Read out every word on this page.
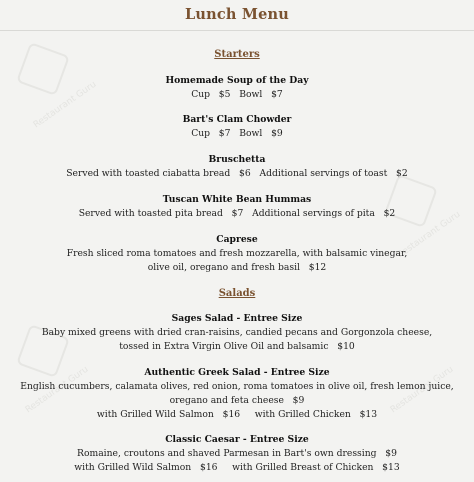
Restaurant Guru
Restaurant Guru
Restaurant Guru	Restaurant Guru
Lunch Menu
Starters
Homemade Soup of the Day
Cup   $5   Bowl   $7
Bart's Clam Chowder
Cup   $7   Bowl   $9
Bruschetta
Served with toasted ciabatta bread   $6   Additional servings of toast   $2
Tuscan White Bean Hummas
Served with toasted pita bread   $7   Additional servings of pita   $2
Caprese
Fresh sliced roma tomatoes and fresh mozzarella, with balsamic vinegar,
olive oil, oregano and fresh basil   $12
Salads
Sages Salad - Entree Size
Baby mixed greens with dried cran-raisins, candied pecans and Gorgonzola cheese,
tossed in Extra Virgin Olive Oil and balsamic   $10
Authentic Greek Salad - Entree Size
English cucumbers, calamata olives, red onion, roma tomatoes in olive oil, fresh lemon juice,
oregano and feta cheese   $9
with Grilled Wild Salmon   $16     with Grilled Chicken   $13
Classic Caesar - Entree Size
Romaine, croutons and shaved Parmesan in Bart's own dressing   $9
with Grilled Wild Salmon   $16     with Grilled Breast of Chicken   $13
